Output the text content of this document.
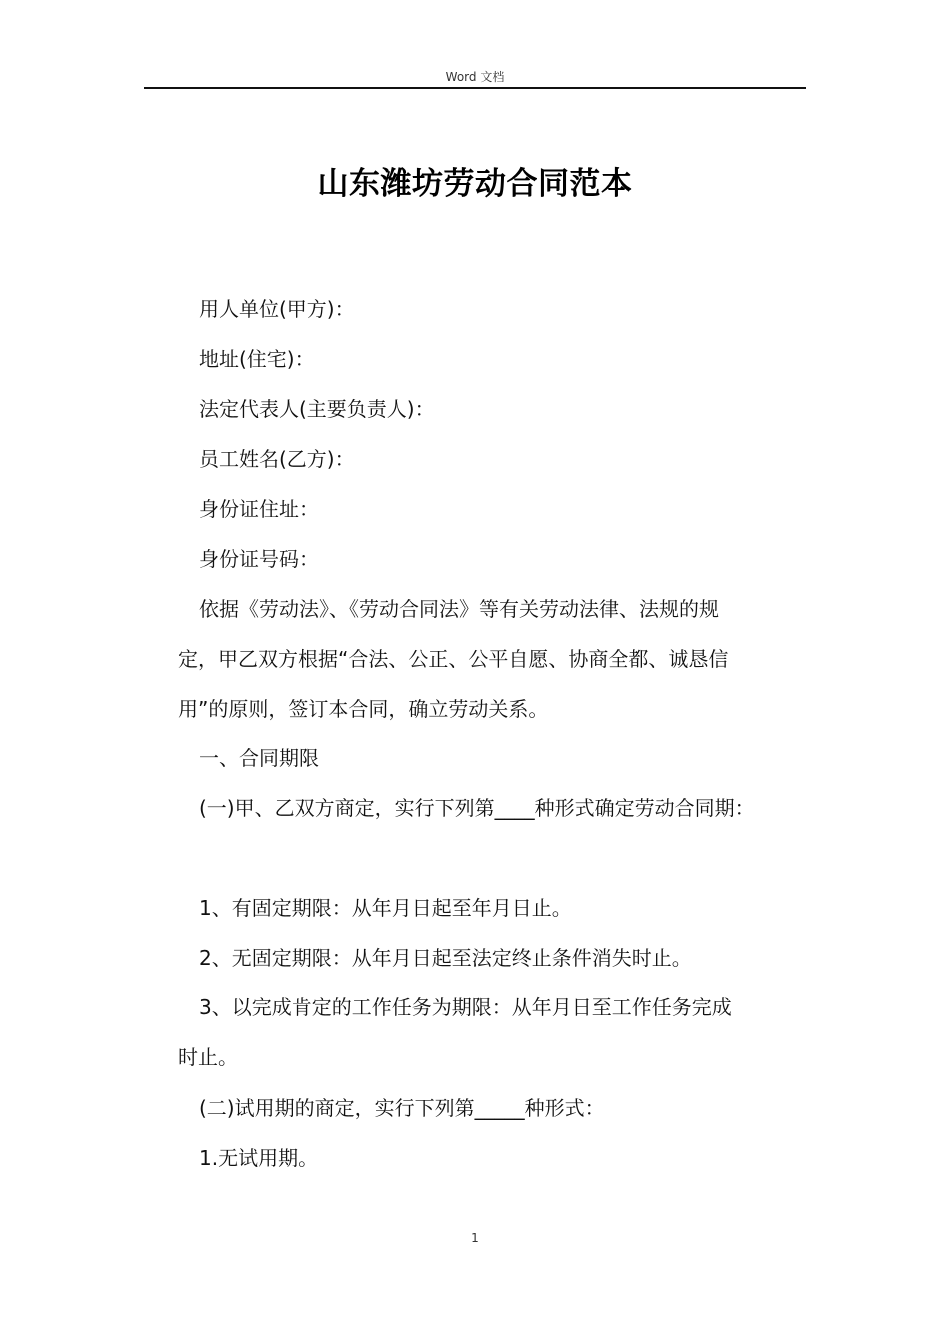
Word 文档
山东潍坊劳动合同范本
用人单位(甲方)：
地址(住宅)：
法定代表人(主要负责人)：
员工姓名(乙方)：
身份证住址：
身份证号码：
依据《劳动法》、《劳动合同法》等有关劳动法律、法规的规
定，甲乙双方根据“合法、公正、公平自愿、协商全都、诚恳信
用”的原则，签订本合同，确立劳动关系。
一、合同期限
(一)甲、乙双方商定，实行下列第____种形式确定劳动合同期：
1、有固定期限：从年月日起至年月日止。
2、无固定期限：从年月日起至法定终止条件消失时止。
3、以完成肯定的工作任务为期限：从年月日至工作任务完成
时止。
(二)试用期的商定，实行下列第_____种形式：
1.无试用期。
1
